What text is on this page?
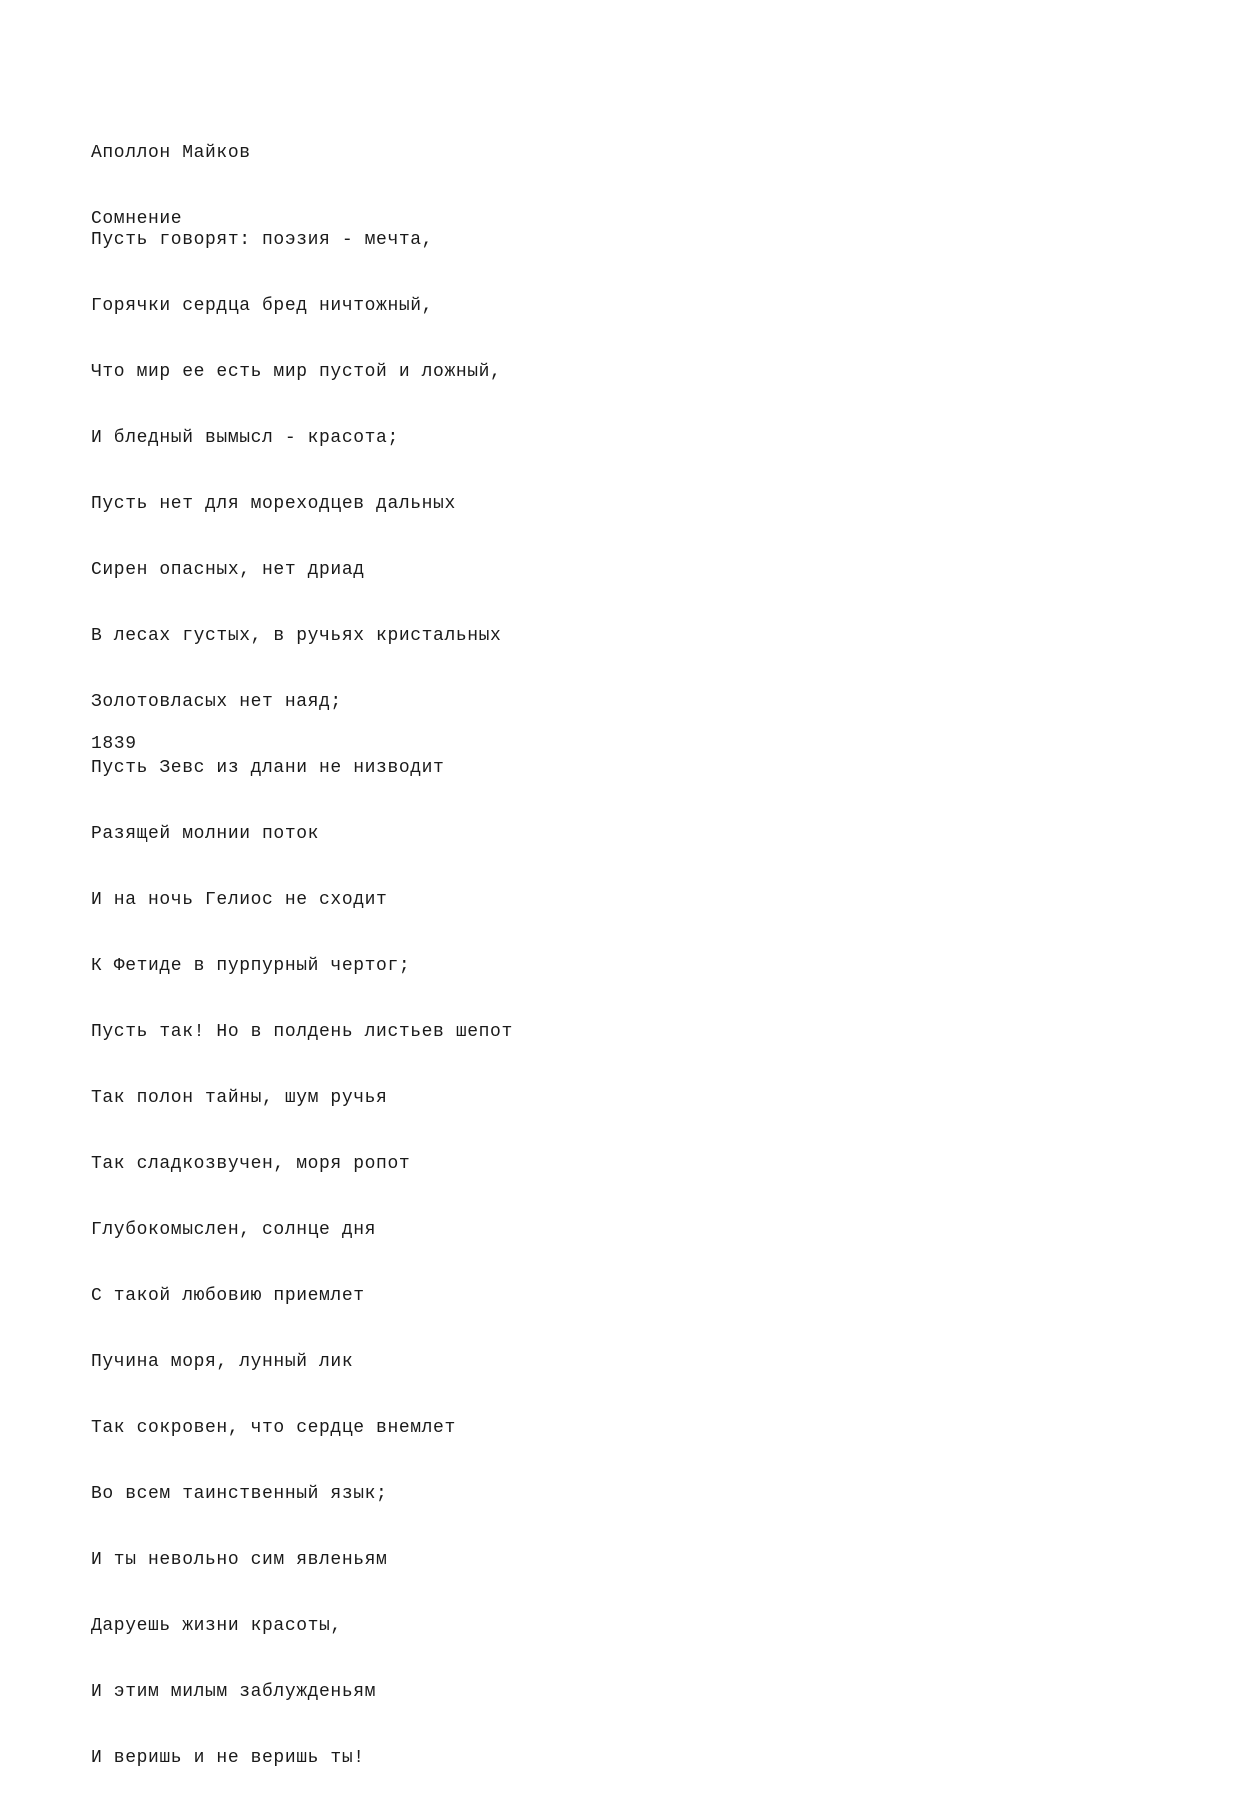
Аполлон Майков

Сомнение

Пусть говорят: поэзия - мечта,

Горячки сердца бред ничтожный,

Что мир ее есть мир пустой и ложный,

И бледный вымысл - красота;

Пусть нет для мореходцев дальных

Сирен опасных, нет дриад

В лесах густых, в ручьях кристальных

Золотовласых нет наяд;

Пусть Зевс из длани не низводит

Разящей молнии поток

И на ночь Гелиос не сходит

К Фетиде в пурпурный чертог;

Пусть так! Но в полдень листьев шепот

Так полон тайны, шум ручья

Так сладкозвучен, моря ропот

Глубокомыслен, солнце дня

С такой любовию приемлет

Пучина моря, лунный лик

Так сокровен, что сердце внемлет

Во всем таинственный язык;

И ты невольно сим явленьям

Даруешь жизни красоты,

И этим милым заблужденьям

И веришь и не веришь ты!

1839
